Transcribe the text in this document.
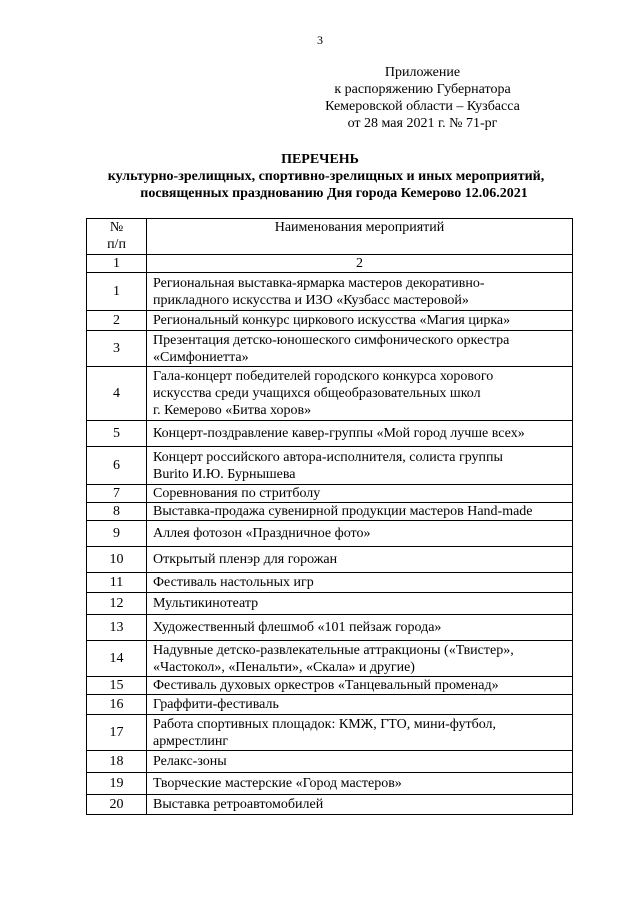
3
Приложение
к распоряжению Губернатора
Кемеровской области – Кузбасса
от 28 мая 2021 г. № 71-рг
ПЕРЕЧЕНЬ
культурно-зрелищных, спортивно-зрелищных и иных мероприятий,
посвященных празднованию Дня города Кемерово 12.06.2021
№
п/п	Наименования мероприятий
1	2
1	Региональная выставка-ярмарка мастеров декоративно-
прикладного искусства и ИЗО «Кузбасс мастеровой»

2	Региональный конкурс циркового искусства «Магия цирка»

3	Презентация детско-юношеского симфонического оркестра
«Симфониетта»

4	Гала-концерт победителей городского конкурса хорового
искусства среди учащихся общеобразовательных школ
г. Кемерово «Битва хоров»

5	Концерт-поздравление кавер-группы «Мой город лучше всех»

6	Концерт российского автора-исполнителя, солиста группы
Burito И.Ю. Бурнышева

7	Соревнования по стритболу

8	Выставка-продажа сувенирной продукции мастеров Hand-made

9	Аллея фотозон «Праздничное фото»

10	Открытый пленэр для горожан

11	Фестиваль настольных игр

12	Мультикинотеатр

13	Художественный флешмоб «101 пейзаж города»

14	Надувные детско-развлекательные аттракционы («Твистер»,
«Частокол», «Пенальти», «Скала» и другие)

15	Фестиваль духовых оркестров «Танцевальный променад»

16	Граффити-фестиваль

17	Работа спортивных площадок: КМЖ, ГТО, мини-футбол,
армрестлинг

18	Релакс-зоны

19	Творческие мастерские «Город мастеров»

20	Выставка ретроавтомобилей
